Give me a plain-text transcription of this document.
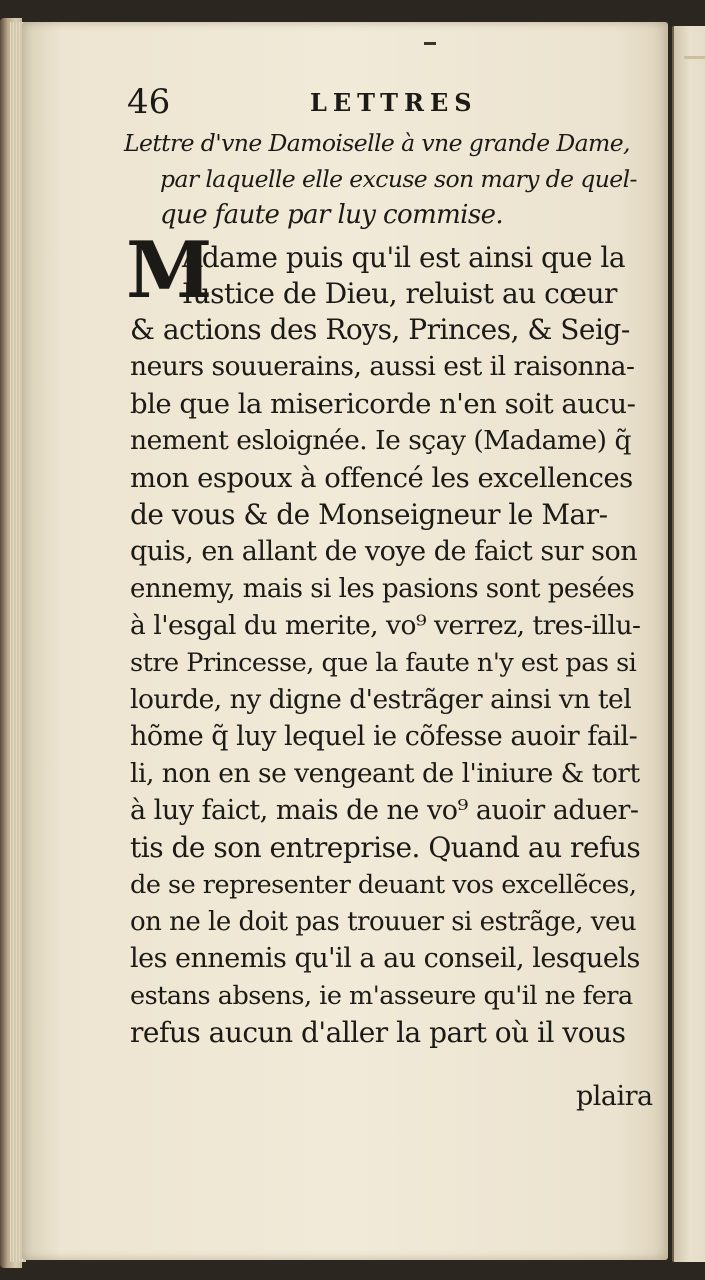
46	LETTRES
Lettre d'vne Damoiselle à vne grande Dame,
par laquelle elle excuse son mary de quel-
que faute par luy commise.
M
Adame puis qu'il est ainsi que la
Iustice de Dieu, reluist au cœur
& actions des Roys, Princes, & Seig-
neurs souuerains, aussi est il raisonna-
ble que la misericorde n'en soit aucu-
nement esloignée. Ie sçay (Madame) q̃
mon espoux à offencé les excellences
de vous & de Monseigneur le Mar-
quis, en allant de voye de faict sur son
ennemy, mais si les pasions sont pesées
à l'esgal du merite, vo⁹ verrez, tres-illu-
stre Princesse, que la faute n'y est pas si
lourde, ny digne d'estrãger ainsi vn tel
hõme q̃ luy lequel ie cõfesse auoir fail-
li, non en se vengeant de l'iniure & tort
à luy faict, mais de ne vo⁹ auoir aduer-
tis de son entreprise. Quand au refus
de se representer deuant vos excellẽces,
on ne le doit pas trouuer si estrãge, veu
les ennemis qu'il a au conseil, lesquels
estans absens, ie m'asseure qu'il ne fera
refus aucun d'aller la part où il vous
plaira
